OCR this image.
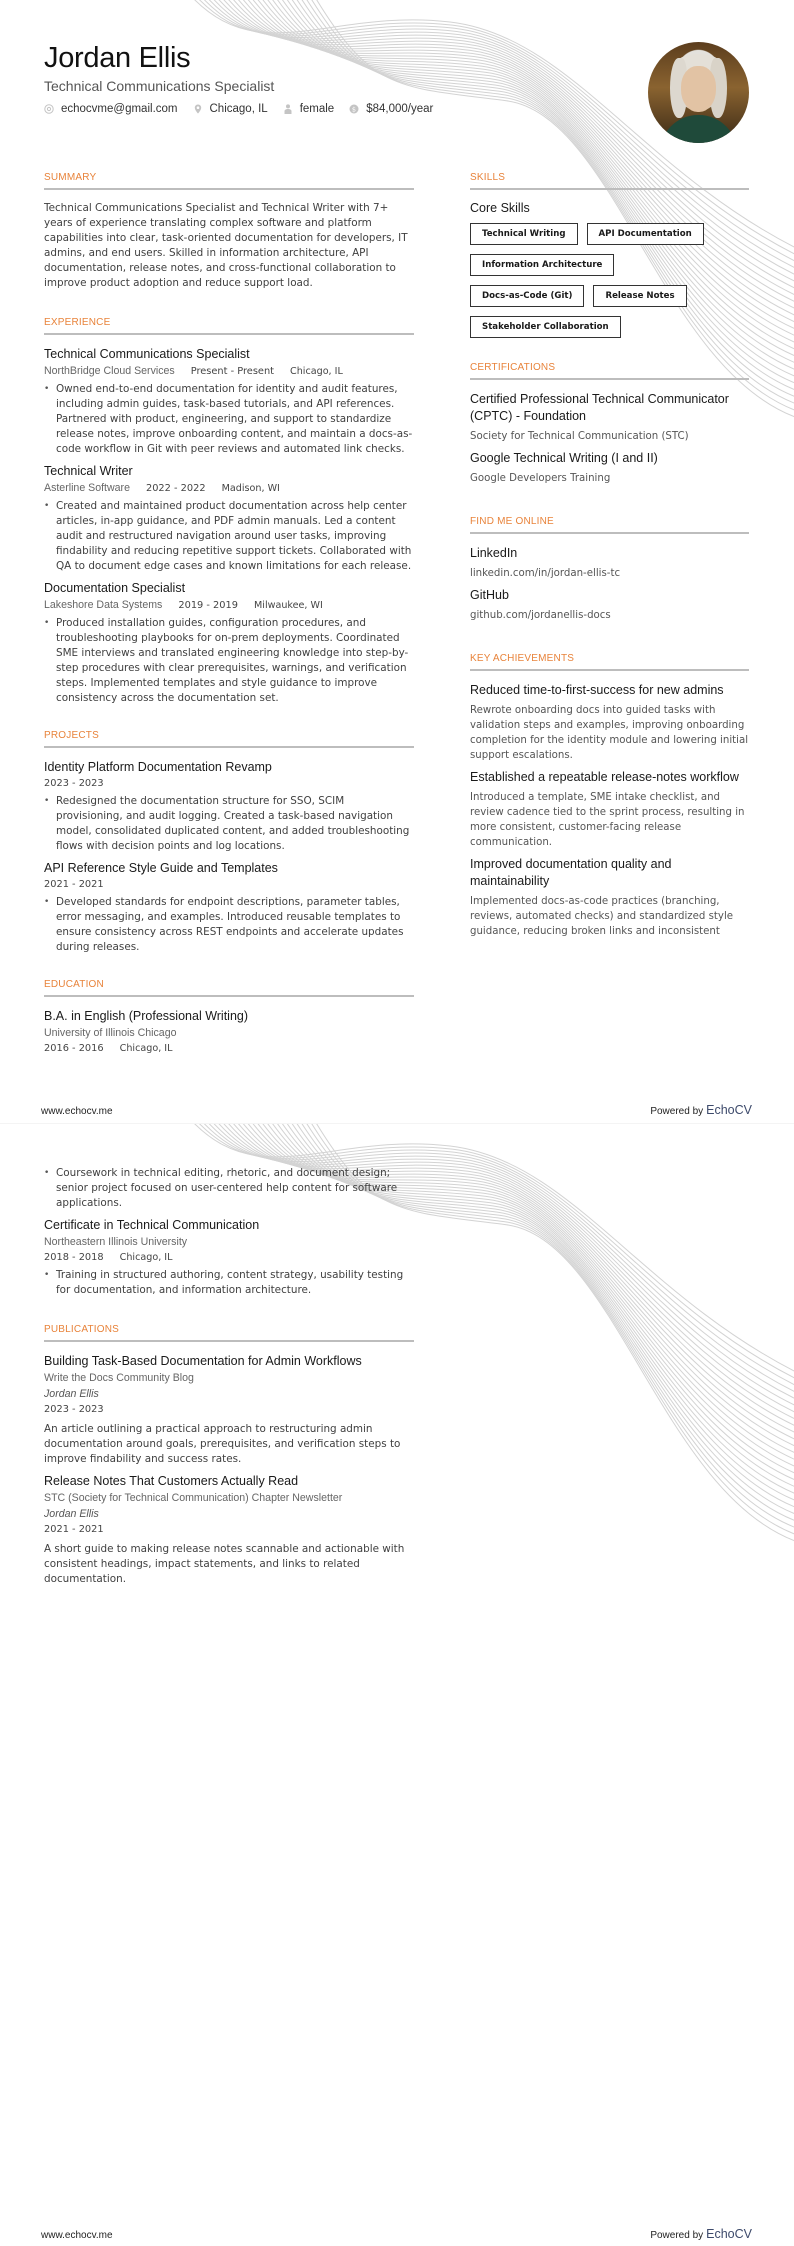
Jordan Ellis
Technical Communications Specialist
echocvme@gmail.com	Chicago, IL	female	$ $84,000/year
SUMMARY

Technical Communications Specialist and Technical Writer with 7+ years of experience translating complex software and platform capabilities into clear, task-oriented documentation for developers, IT admins, and end users. Skilled in information architecture, API documentation, release notes, and cross-functional collaboration to improve product adoption and reduce support load.

EXPERIENCE
Technical Communications Specialist
NorthBridge Cloud Services Present - Present Chicago, IL
• Owned end-to-end documentation for identity and audit features, including admin guides, task-based tutorials, and API references. Partnered with product, engineering, and support to standardize release notes, improve onboarding content, and maintain a docs-as-code workflow in Git with peer reviews and automated link checks.
Technical Writer
Asterline Software 2022 - 2022 Madison, WI
• Created and maintained product documentation across help center articles, in-app guidance, and PDF admin manuals. Led a content audit and restructured navigation around user tasks, improving findability and reducing repetitive support tickets. Collaborated with QA to document edge cases and known limitations for each release.
Documentation Specialist
Lakeshore Data Systems 2019 - 2019 Milwaukee, WI
• Produced installation guides, configuration procedures, and troubleshooting playbooks for on-prem deployments. Coordinated SME interviews and translated engineering knowledge into step-by-step procedures with clear prerequisites, warnings, and verification steps. Implemented templates and style guidance to improve consistency across the documentation set.
PROJECTS
Identity Platform Documentation Revamp
2023 - 2023
• Redesigned the documentation structure for SSO, SCIM provisioning, and audit logging. Created a task-based navigation model, consolidated duplicated content, and added troubleshooting flows with decision points and log locations.
API Reference Style Guide and Templates
2021 - 2021
• Developed standards for endpoint descriptions, parameter tables, error messaging, and examples. Introduced reusable templates to ensure consistency across REST endpoints and accelerate updates during releases.
EDUCATION
B.A. in English (Professional Writing)
University of Illinois Chicago
2016 - 2016 Chicago, IL
SKILLS
Core Skills
Technical Writing	API Documentation
Information Architecture
Docs-as-Code (Git)	Release Notes
Stakeholder Collaboration
CERTIFICATIONS
Certified Professional Technical Communicator (CPTC) - Foundation
Society for Technical Communication (STC)
Google Technical Writing (I and II)
Google Developers Training
FIND ME ONLINE
LinkedIn
linkedin.com/in/jordan-ellis-tc
GitHub
github.com/jordanellis-docs
KEY ACHIEVEMENTS
Reduced time-to-first-success for new admins
Rewrote onboarding docs into guided tasks with validation steps and examples, improving onboarding completion for the identity module and lowering initial support escalations.
Established a repeatable release-notes workflow
Introduced a template, SME intake checklist, and review cadence tied to the sprint process, resulting in more consistent, customer-facing release communication.
Improved documentation quality and maintainability
Implemented docs-as-code practices (branching, reviews, automated checks) and standardized style guidance, reducing broken links and inconsistent
www.echocv.me	Powered by EchoCV
• Coursework in technical editing, rhetoric, and document design; senior project focused on user-centered help content for software applications.
Certificate in Technical Communication
Northeastern Illinois University
2018 - 2018 Chicago, IL
• Training in structured authoring, content strategy, usability testing for documentation, and information architecture.
PUBLICATIONS
Building Task-Based Documentation for Admin Workflows
Write the Docs Community Blog
Jordan Ellis
2023 - 2023

An article outlining a practical approach to restructuring admin documentation around goals, prerequisites, and verification steps to improve findability and success rates.

Release Notes That Customers Actually Read
STC (Society for Technical Communication) Chapter Newsletter
Jordan Ellis
2021 - 2021

A short guide to making release notes scannable and actionable with consistent headings, impact statements, and links to related documentation.

www.echocv.me	Powered by EchoCV
